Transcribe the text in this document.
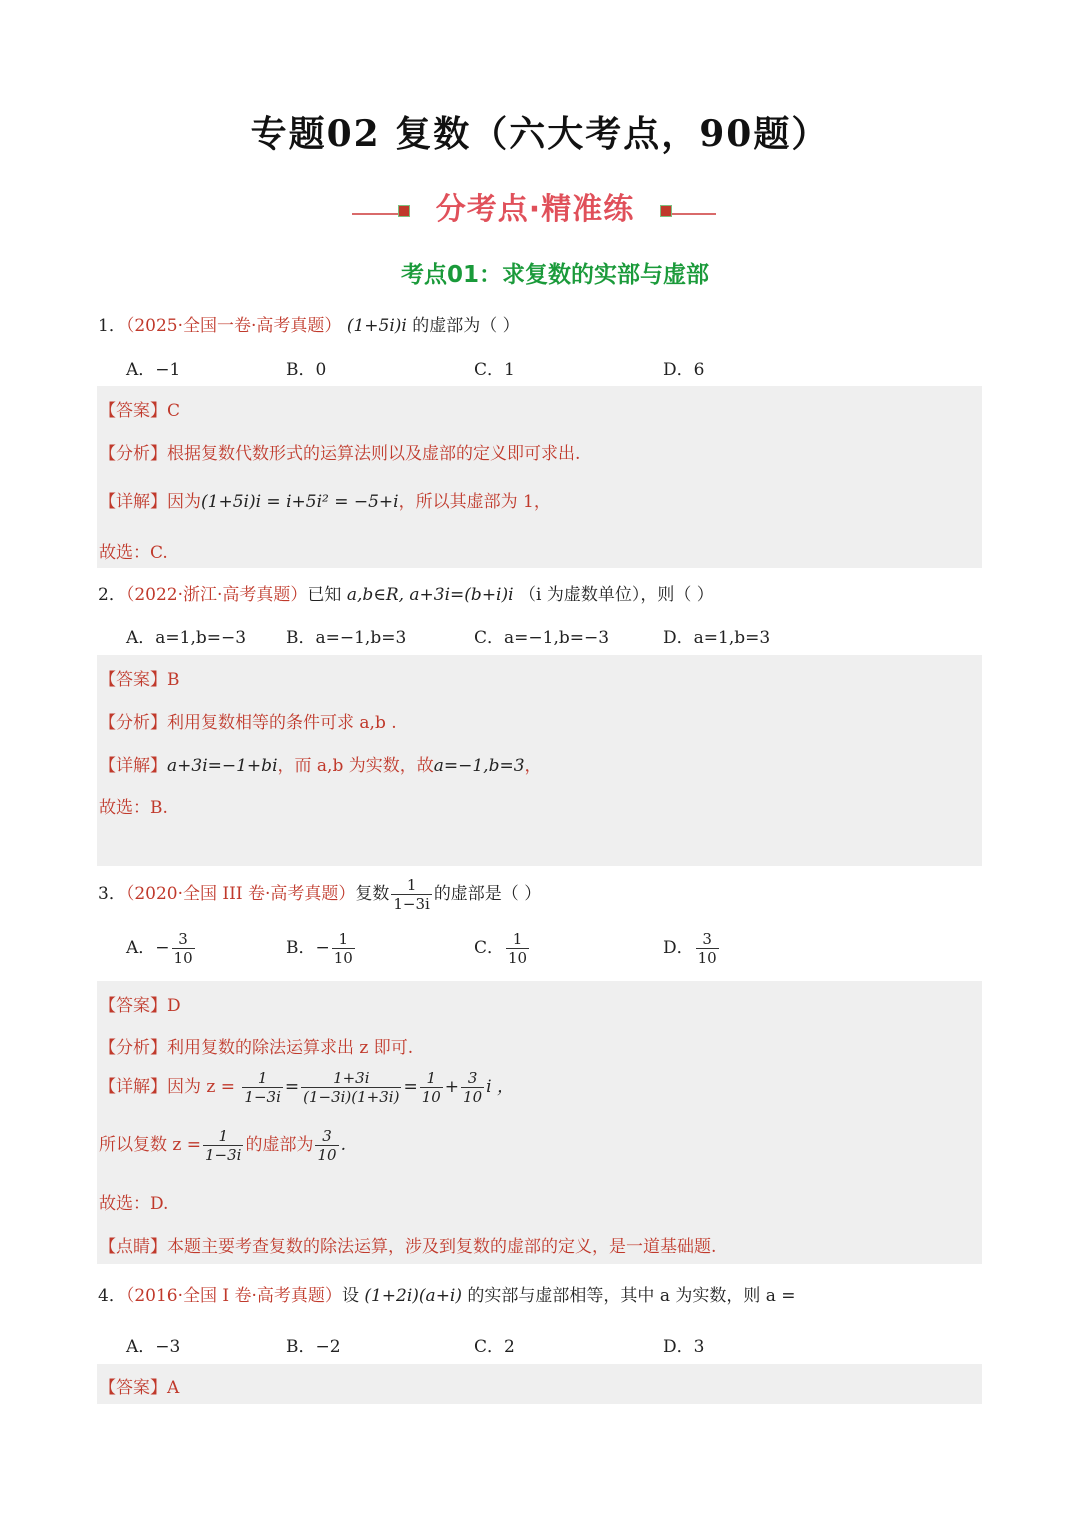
专题02 复数（六大考点，90题）
分考点·精准练
考点01：求复数的实部与虚部
1．（2025·全国一卷·高考真题） (1+5i)i 的虚部为（ ）
A．−1	B．0	C．1	D．6
【答案】C
【分析】根据复数代数形式的运算法则以及虚部的定义即可求出.
【详解】因为(1+5i)i = i+5i² = −5+i，所以其虚部为 1，
故选：C.
2．（2022·浙江·高考真题）已知 a,b∈R, a+3i=(b+i)i （i 为虚数单位），则（ ）
A．a=1,b=−3 B．a=−1,b=3	C．a=−1,b=−3	D．a=1,b=3
【答案】B
【分析】利用复数相等的条件可求 a,b .
【详解】a+3i=−1+bi，而 a,b 为实数，故a=−1,b=3，
故选：B.
3．（2020·全国 III 卷·高考真题）复数 $\frac{1}{1-3i}$ 的虚部是（ ）
A．− $\frac{3}{10}$	B．− $\frac{1}{10}$	C． $\frac{1}{10}$	D． $\frac{3}{10}$
【答案】D
【分析】利用复数的除法运算求出 z 即可.
【详解】因为 $z = \frac{1}{1-3i} = \frac{1+3i}{(1-3i)(1+3i)} = \frac{1}{10} + \frac{3}{10}$ i ，
所以复数 $z = \frac{1}{1-3i}$ 的虚部为 $\frac{3}{10}$ .
故选：D.
【点睛】本题主要考查复数的除法运算，涉及到复数的虚部的定义，是一道基础题.
4．（2016·全国 I 卷·高考真题）设 (1+2i)(a+i) 的实部与虚部相等，其中 a 为实数，则 a =
A．−3	B．−2	C．2	D．3
【答案】A
